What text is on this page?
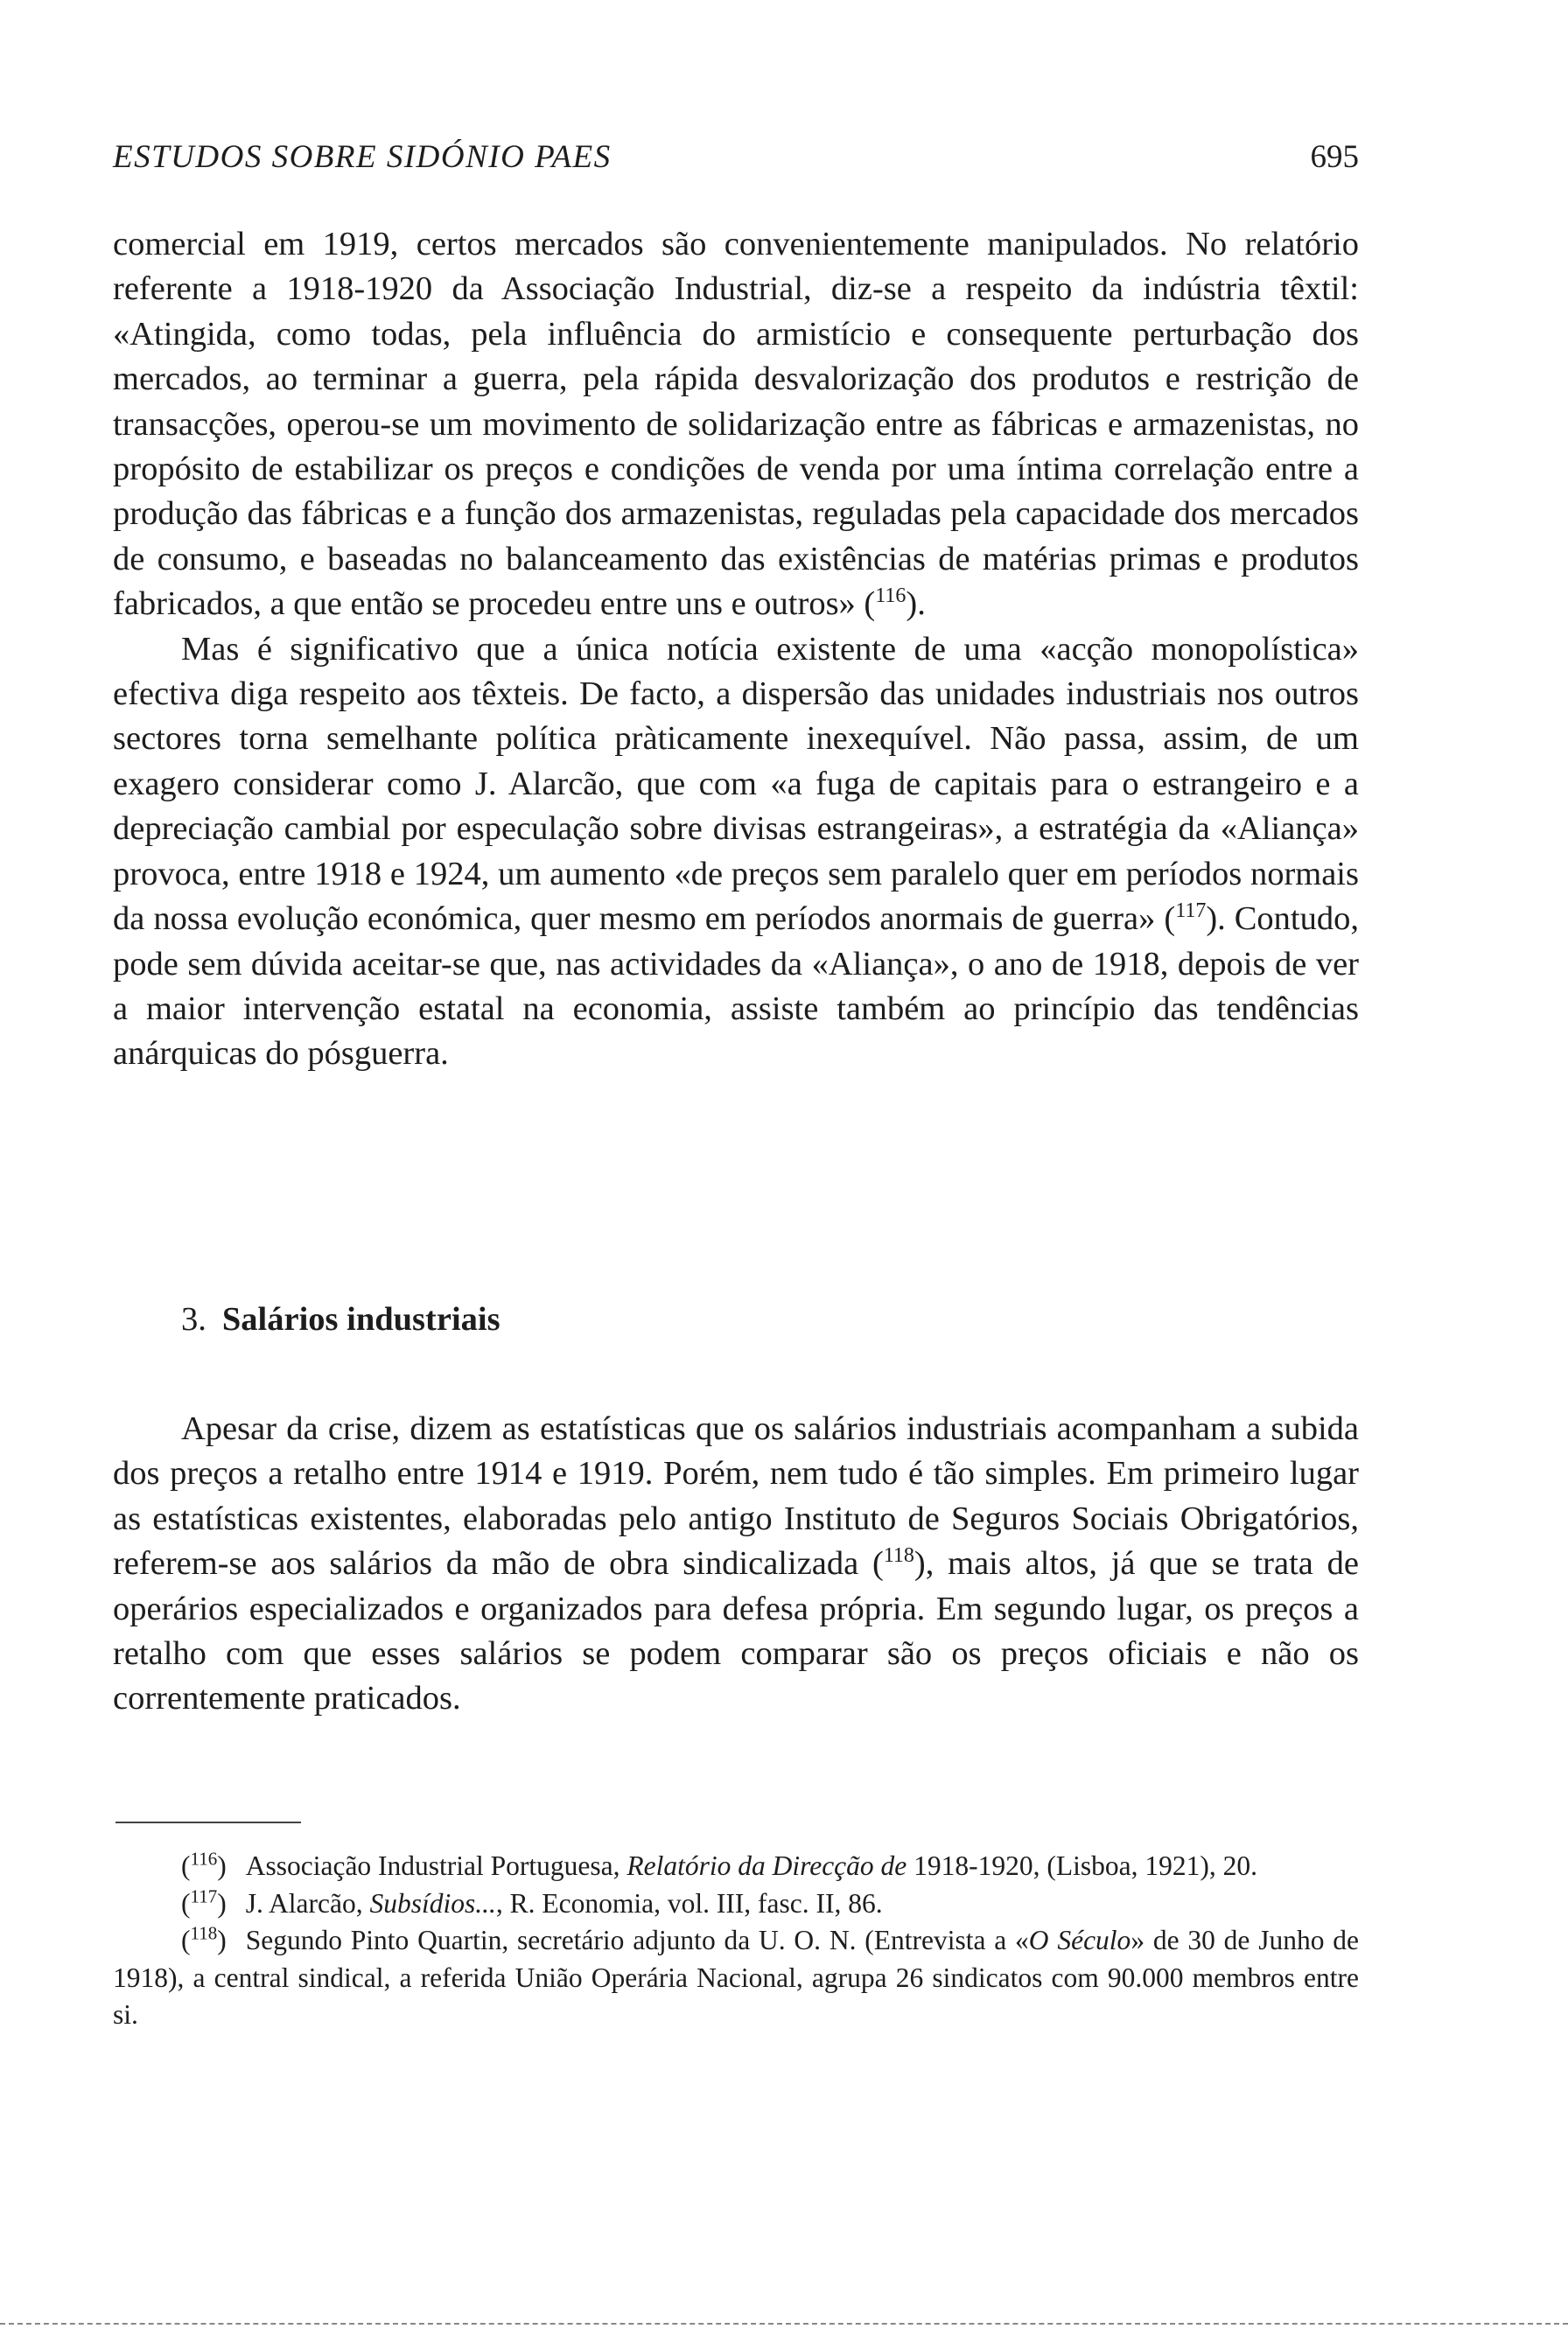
ESTUDOS SOBRE SIDÓNIO PAES	695

comercial em 1919, certos mercados são convenientemente manipulados. No relatório referente a 1918-1920 da Associação Industrial, diz-se a respeito da indústria têxtil: «Atingida, como todas, pela influência do armistício e consequente perturbação dos mercados, ao terminar a guerra, pela rápida desvalorização dos produtos e restrição de transacções, operou-se um movimento de solidarização entre as fábricas e armazenistas, no propósito de estabilizar os preços e condições de venda por uma íntima correlação entre a produção das fábricas e a função dos armazenistas, reguladas pela capacidade dos mercados de consumo, e baseadas no balanceamento das existências de matérias primas e produtos fabricados, a que então se procedeu entre uns e outros» ($^{116}$).

Mas é significativo que a única notícia existente de uma «acção monopolística» efectiva diga respeito aos têxteis. De facto, a dispersão das unidades industriais nos outros sectores torna semelhante política pràticamente inexequível. Não passa, assim, de um exagero considerar como J. Alarcão, que com «a fuga de capitais para o estrangeiro e a depreciação cambial por especulação sobre divisas estrangeiras», a estratégia da «Aliança» provoca, entre 1918 e 1924, um aumento «de preços sem paralelo quer em períodos normais da nossa evolução económica, quer mesmo em períodos anormais de guerra» ($^{117}$). Contudo, pode sem dúvida aceitar-se que, nas actividades da «Aliança», o ano de 1918, depois de ver a maior intervenção estatal na economia, assiste também ao princípio das tendências anárquicas do pósguerra.

3. Salários industriais

Apesar da crise, dizem as estatísticas que os salários industriais acompanham a subida dos preços a retalho entre 1914 e 1919. Porém, nem tudo é tão simples. Em primeiro lugar as estatísticas existentes, elaboradas pelo antigo Instituto de Seguros Sociais Obrigatórios, referem-se aos salários da mão de obra sindicalizada ($^{118}$), mais altos, já que se trata de operários especializados e organizados para defesa própria. Em segundo lugar, os preços a retalho com que esses salários se podem comparar são os preços oficiais e não os correntemente praticados.

($^{116}$) Associação Industrial Portuguesa, Relatório da Direcção de 1918-1920, (Lisboa, 1921), 20.

($^{117}$) J. Alarcão, Subsídios..., R. Economia, vol. III, fasc. II, 86.

($^{118}$) Segundo Pinto Quartin, secretário adjunto da U. O. N. (Entrevista a «O Século» de 30 de Junho de 1918), a central sindical, a referida União Operária Nacional, agrupa 26 sindicatos com 90.000 membros entre si.
